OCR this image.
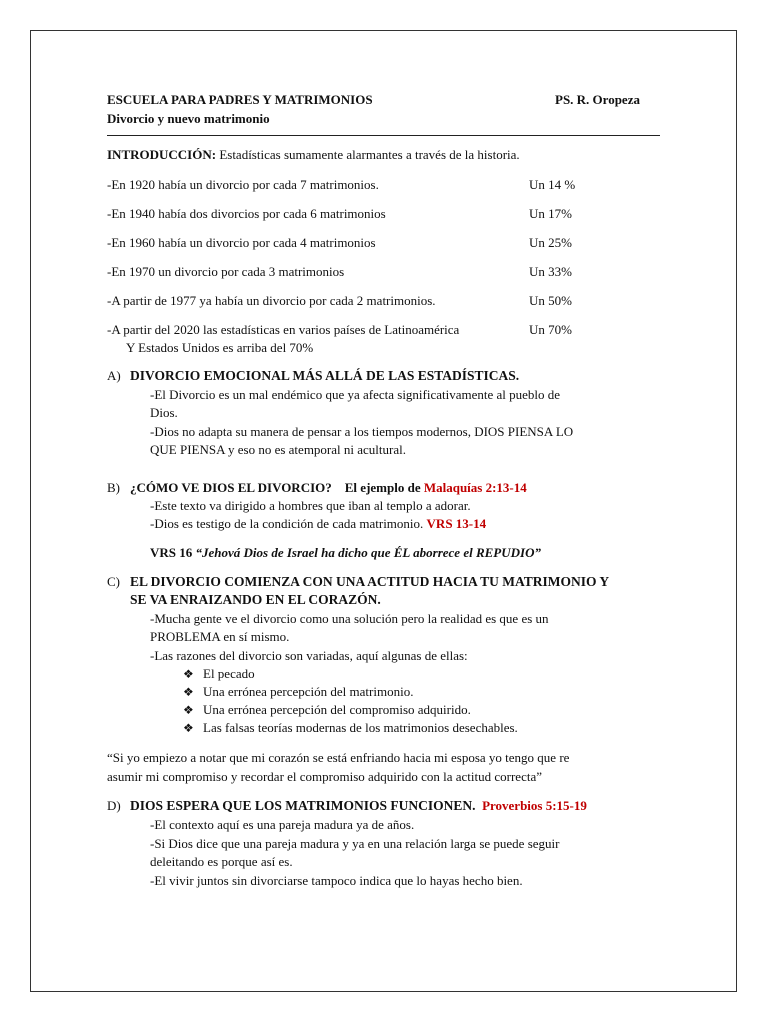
ESCUELA PARA PADRES Y MATRIMONIOS	PS. R. Oropeza
Divorcio y nuevo matrimonio
INTRODUCCIÓN: Estadísticas sumamente alarmantes a través de la historia.
-En 1920 había un divorcio por cada 7 matrimonios.	Un 14 %
-En 1940 había dos divorcios por cada 6 matrimonios	Un 17%
-En 1960 había un divorcio por cada 4 matrimonios	Un 25%
-En 1970 un divorcio por cada 3 matrimonios	Un 33%
-A partir de 1977 ya había un divorcio por cada 2 matrimonios.	Un 50%
-A partir del 2020 las estadísticas en varios países de Latinoamérica	Un 70%
Y Estados Unidos es arriba del 70%
A) DIVORCIO EMOCIONAL MÁS ALLÁ DE LAS ESTADÍSTICAS.
-El Divorcio es un mal endémico que ya afecta significativamente al pueblo de
Dios.
-Dios no adapta su manera de pensar a los tiempos modernos, DIOS PIENSA LO
QUE PIENSA y eso no es atemporal ni acultural.
B) ¿CÓMO VE DIOS EL DIVORCIO? El ejemplo de Malaquías 2:13-14
-Este texto va dirigido a hombres que iban al templo a adorar.
-Dios es testigo de la condición de cada matrimonio. VRS 13-14
VRS 16 “Jehová Dios de Israel ha dicho que ÉL aborrece el REPUDIO”
C) EL DIVORCIO COMIENZA CON UNA ACTITUD HACIA TU MATRIMONIO Y
SE VA ENRAIZANDO EN EL CORAZÓN.
-Mucha gente ve el divorcio como una solución pero la realidad es que es un
PROBLEMA en sí mismo.
-Las razones del divorcio son variadas, aquí algunas de ellas:
❖ El pecado
❖ Una errónea percepción del matrimonio.
❖ Una errónea percepción del compromiso adquirido.
❖ Las falsas teorías modernas de los matrimonios desechables.
“Si yo empiezo a notar que mi corazón se está enfriando hacia mi esposa yo tengo que re
asumir mi compromiso y recordar el compromiso adquirido con la actitud correcta”
D) DIOS ESPERA QUE LOS MATRIMONIOS FUNCIONEN. Proverbios 5:15-19
-El contexto aquí es una pareja madura ya de años.
-Si Dios dice que una pareja madura y ya en una relación larga se puede seguir
deleitando es porque así es.
-El vivir juntos sin divorciarse tampoco indica que lo hayas hecho bien.
